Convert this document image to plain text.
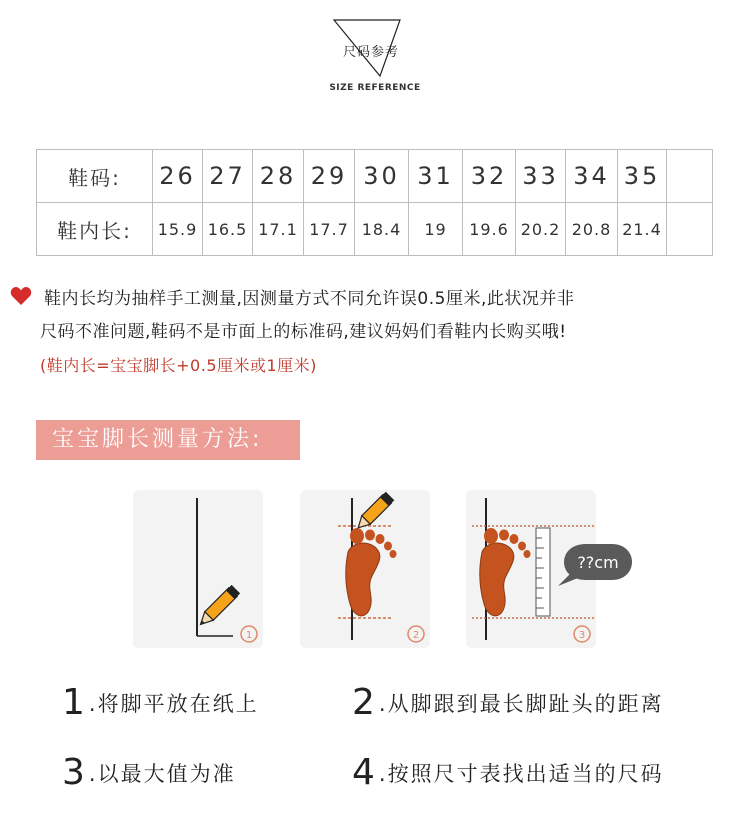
尺码参考
SIZE REFERENCE
鞋码:	26	27	28	29	30	31	32	33	34	35	
鞋内长:	15.9	16.5	17.1	17.7	18.4	19	19.6	20.2	20.8	21.4	

鞋内长均为抽样手工测量,因测量方式不同允许误0.5厘米,此状况并非

尺码不准问题,鞋码不是市面上的标准码,建议妈妈们看鞋内长购买哦!

(鞋内长=宝宝脚长+0.5厘米或1厘米)

宝宝脚长测量方法:
1	2
??cm
3
1.将脚平放在纸上	2.从脚跟到最长脚趾头的距离
3.以最大值为准	4.按照尺寸表找出适当的尺码
